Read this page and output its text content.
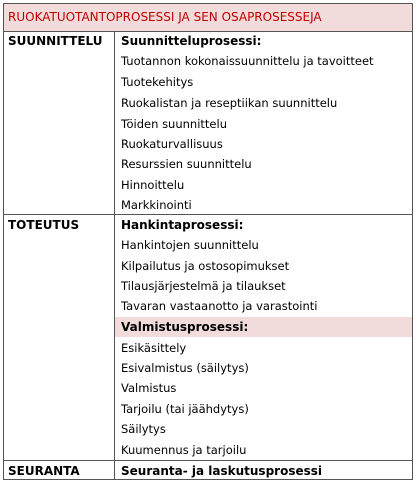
RUOKATUOTANTOPROSESSI JA SEN OSAPROSESSEJA
SUUNNITTELU Suunnitteluprosessi:
Tuotannon kokonaissuunnittelu ja tavoitteet
Tuotekehitys
Ruokalistan ja reseptiikan suunnittelu
Töiden suunnittelu
Ruokaturvallisuus
Resurssien suunnittelu
Hinnoittelu
Markkinointi
TOTEUTUS	Hankintaprosessi:
Hankintojen suunnittelu
Kilpailutus ja ostosopimukset
Tilausjärjestelmä ja tilaukset
Tavaran vastaanotto ja varastointi
Valmistusprosessi:
Esikäsittely
Esivalmistus (säilytys)
Valmistus
Tarjoilu (tai jäähdytys)
Säilytys
Kuumennus ja tarjoilu
SEURANTA	Seuranta- ja laskutusprosessi
